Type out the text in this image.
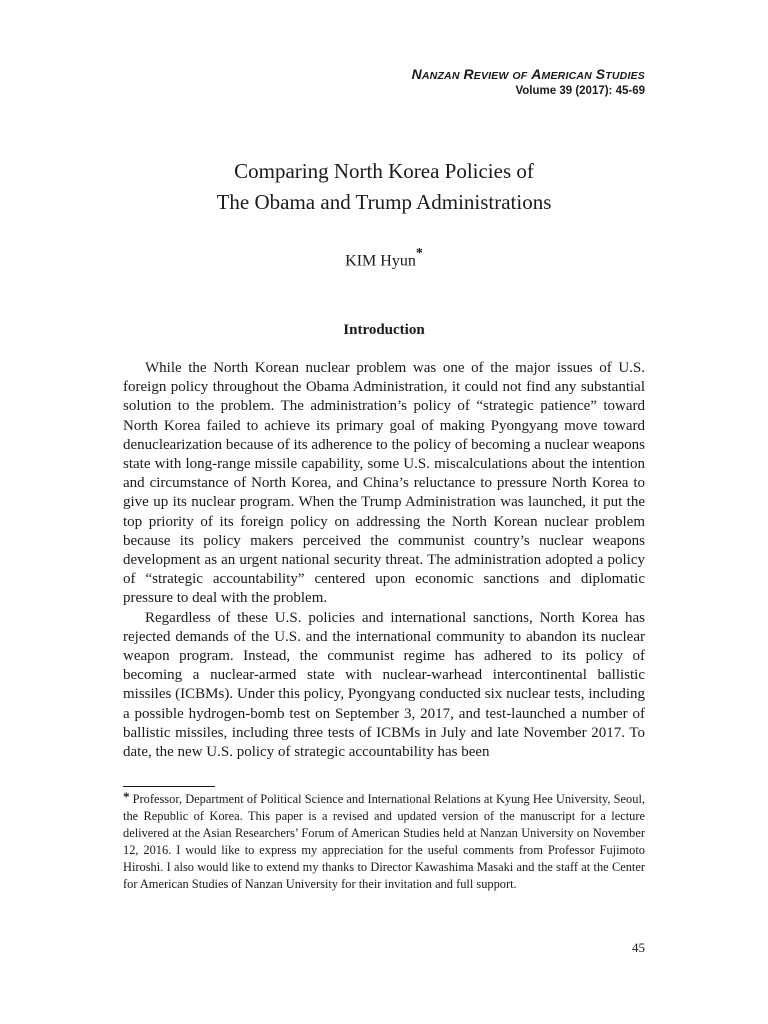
NANZAN REVIEW OF AMERICAN STUDIES
Volume 39 (2017): 45-69
Comparing North Korea Policies of
The Obama and Trump Administrations
KIM Hyun*
Introduction

While the North Korean nuclear problem was one of the major issues of U.S. foreign policy throughout the Obama Administration, it could not find any substantial solution to the problem. The administration’s policy of “strategic patience” toward North Korea failed to achieve its primary goal of making Pyongyang move toward denuclearization because of its adherence to the policy of becoming a nuclear weapons state with long-range missile capability, some U.S. miscalculations about the intention and circumstance of North Korea, and China’s reluctance to pressure North Korea to give up its nuclear program. When the Trump Administration was launched, it put the top priority of its foreign policy on addressing the North Korean nuclear problem because its policy makers perceived the communist country’s nuclear weapons development as an urgent national security threat. The administration adopted a policy of “strategic accountability” centered upon economic sanctions and diplomatic pressure to deal with the problem.

Regardless of these U.S. policies and international sanctions, North Korea has rejected demands of the U.S. and the international community to abandon its nuclear weapon program. Instead, the communist regime has adhered to its policy of becoming a nuclear-armed state with nuclear-warhead intercontinental ballistic missiles (ICBMs). Under this policy, Pyongyang conducted six nuclear tests, including a possible hydrogen-bomb test on September 3, 2017, and test-launched a number of ballistic missiles, including three tests of ICBMs in July and late November 2017. To date, the new U.S. policy of strategic accountability has been

* Professor, Department of Political Science and International Relations at Kyung Hee University, Seoul, the Republic of Korea. This paper is a revised and updated version of the manuscript for a lecture delivered at the Asian Researchers’ Forum of American Studies held at Nanzan University on November 12, 2016. I would like to express my appreciation for the useful comments from Professor Fujimoto Hiroshi. I also would like to extend my thanks to Director Kawashima Masaki and the staff at the Center for American Studies of Nanzan University for their invitation and full support.
45
